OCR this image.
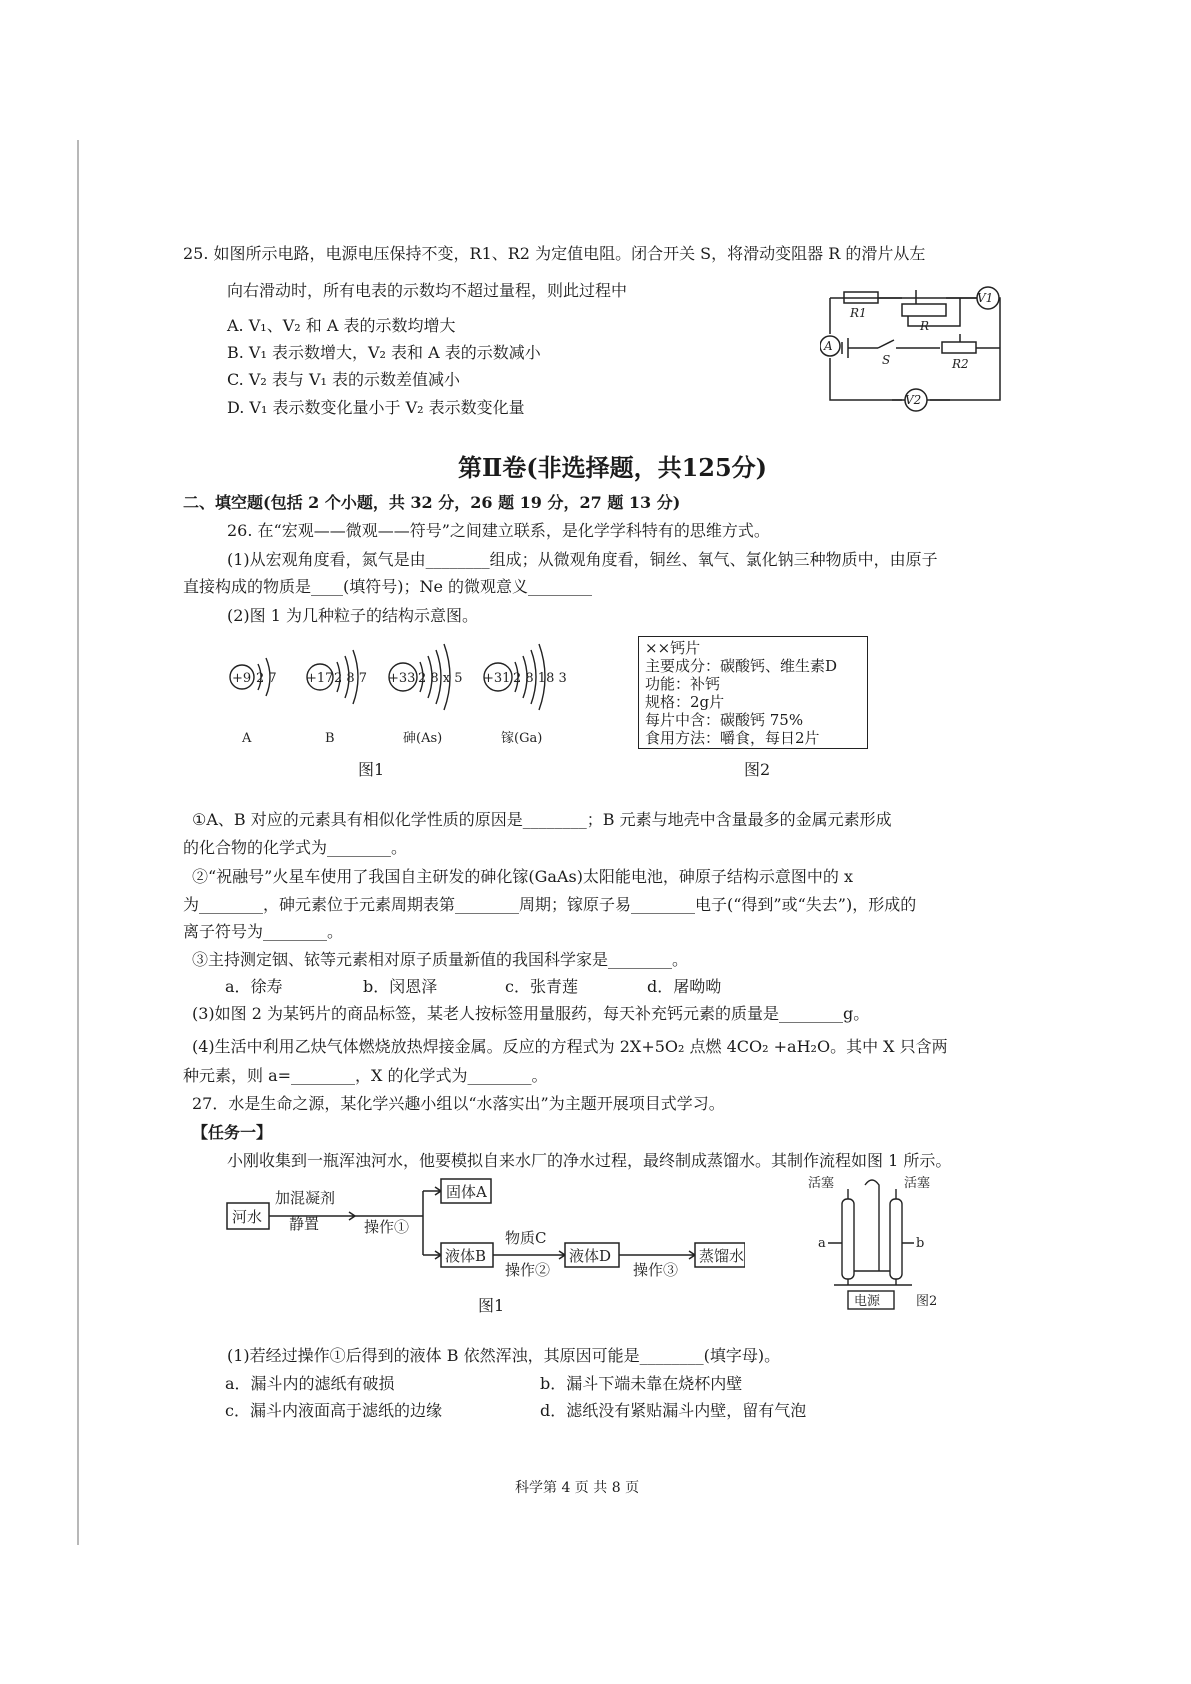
25. 如图所示电路，电源电压保持不变，R1、R2 为定值电阻。闭合开关 S，将滑动变阻器 R 的滑片从左
向右滑动时，所有电表的示数均不超过量程，则此过程中
A. V₁、V₂ 和 A 表的示数均增大
B. V₁ 表示数增大，V₂ 表和 A 表的示数减小
C. V₂ 表与 V₁ 表的示数差值减小
D. V₁ 表示数变化量小于 V₂ 表示数变化量
A
V1
V2
R1
R
S	R2
第Ⅱ卷(非选择题，共125分)
二、填空题(包括 2 个小题，共 32 分，26 题 19 分，27 题 13 分)
26. 在“宏观——微观——符号”之间建立联系，是化学学科特有的思维方式。
(1)从宏观角度看，氮气是由________组成；从微观角度看，铜丝、氧气、氯化钠三种物质中，由原子
直接构成的物质是____(填符号)；Ne 的微观意义________
(2)图 1 为几种粒子的结构示意图。
+9 2 7 +17 2 8 7 +33 2 8 x 5 +31 2 8 18 3
A	B	砷(As)	镓(Ga)
图1
××钙片
主要成分：碳酸钙、维生素D
功能：补钙
规格：2g片
每片中含：碳酸钙 75%
食用方法：嚼食，每日2片
图2
①A、B 对应的元素具有相似化学性质的原因是________；B 元素与地壳中含量最多的金属元素形成
的化合物的化学式为________。
②“祝融号”火星车使用了我国自主研发的砷化镓(GaAs)太阳能电池，砷原子结构示意图中的 x
为________，砷元素位于元素周期表第________周期；镓原子易________电子(“得到”或“失去”)，形成的
离子符号为________。
③主持测定铟、铱等元素相对原子质量新值的我国科学家是________。
a．徐寿	b．闵恩泽	c．张青莲	d．屠呦呦
(3)如图 2 为某钙片的商品标签，某老人按标签用量服药，每天补充钙元素的质量是________g。
(4)生活中利用乙炔气体燃烧放热焊接金属。反应的方程式为 2X+5O₂ 点燃 4CO₂ +aH₂O。其中 X 只含两
种元素，则 a=________，X 的化学式为________。
27．水是生命之源，某化学兴趣小组以“水落实出”为主题开展项目式学习。
【任务一】
小刚收集到一瓶浑浊河水，他要模拟自来水厂的净水过程，最终制成蒸馏水。其制作流程如图 1 所示。
河水
加混凝剂
静置	操作①
固体A
液体B
物质C
操作②
液体D
操作③
蒸馏水
图1
活塞	活塞
a	b
电源	图2
(1)若经过操作①后得到的液体 B 依然浑浊，其原因可能是________(填字母)。
a．漏斗内的滤纸有破损	b．漏斗下端未靠在烧杯内壁
c．漏斗内液面高于滤纸的边缘	d．滤纸没有紧贴漏斗内壁，留有气泡
科学第 4 页 共 8 页
